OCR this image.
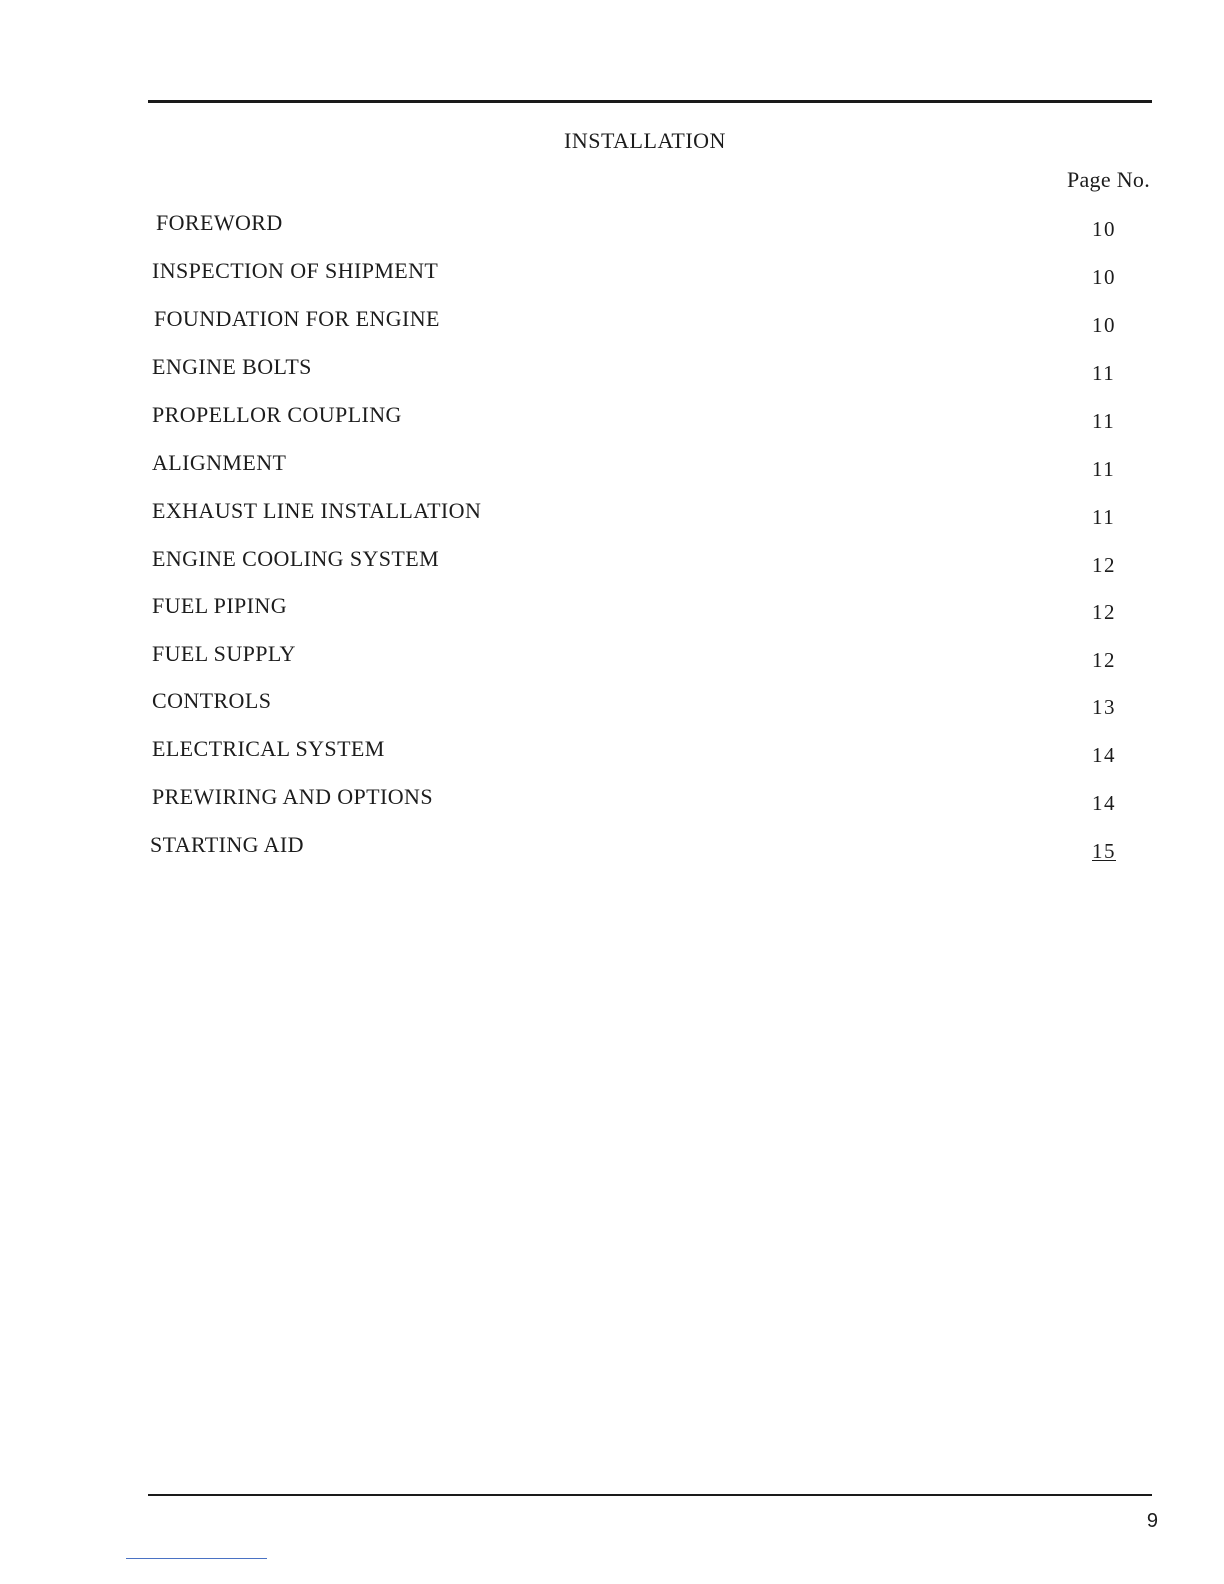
INSTALLATION
Page No.
FOREWORD	10
INSPECTION OF SHIPMENT	10
FOUNDATION FOR ENGINE	10
ENGINE BOLTS	11
PROPELLOR COUPLING	11
ALIGNMENT	11
EXHAUST LINE INSTALLATION	11
ENGINE COOLING SYSTEM	12
FUEL PIPING	12
FUEL SUPPLY	12
CONTROLS	13
ELECTRICAL SYSTEM	14
PREWIRING AND OPTIONS	14
STARTING AID	15
9
